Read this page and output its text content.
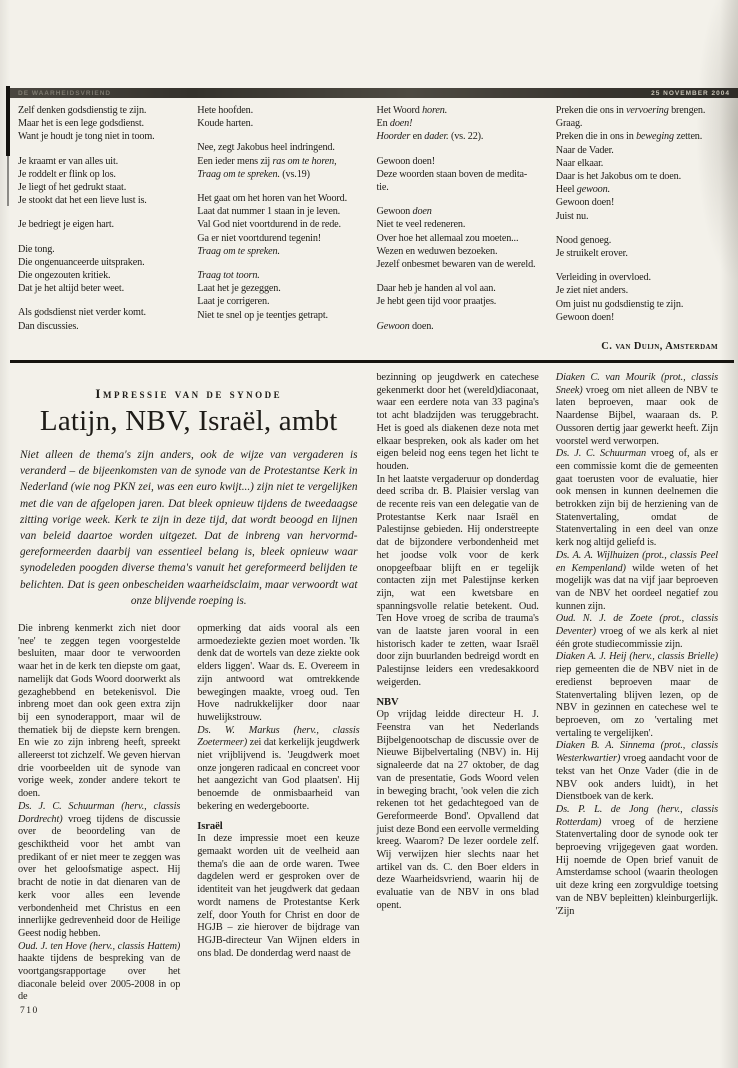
DE WAARHEIDSVRIEND	25 NOVEMBER 2004
Zelf denken godsdienstig te zijn.
Maar het is een lege godsdienst.
Want je houdt je tong niet in toom.
Je kraamt er van alles uit.
Je roddelt er flink op los.
Je liegt of het gedrukt staat.
Je stookt dat het een lieve lust is.
Je bedriegt je eigen hart.
Die tong.
Die ongenuanceerde uitspraken.
Die ongezouten kritiek.
Dat je het altijd beter weet.
Als godsdienst niet verder komt.
Dan discussies.
Hete hoofden.
Koude harten.
Nee, zegt Jakobus heel indringend.
Een ieder mens zij ras om te horen,
Traag om te spreken. (vs.19)
Het gaat om het horen van het Woord.
Laat dat nummer 1 staan in je leven.
Val God niet voortdurend in de rede.
Ga er niet voortdurend tegenin!
Traag om te spreken.
Traag tot toorn.
Laat het je gezeggen.
Laat je corrigeren.
Niet te snel op je teentjes getrapt.
Het Woord horen.
En doen!
Hoorder en dader. (vs. 22).
Gewoon doen!
Deze woorden staan boven de medita-
tie.
Gewoon doen
Niet te veel redeneren.
Over hoe het allemaal zou moeten...
Wezen en weduwen bezoeken.
Jezelf onbesmet bewaren van de wereld.
Daar heb je handen al vol aan.
Je hebt geen tijd voor praatjes.
Gewoon doen.
Preken die ons in vervoering brengen.
Graag.
Preken die in ons in beweging zetten.
Naar de Vader.
Naar elkaar.
Daar is het Jakobus om te doen.
Heel gewoon.
Gewoon doen!
Juist nu.
Nood genoeg.
Je struikelt erover.
Verleiding in overvloed.
Je ziet niet anders.
Om juist nu godsdienstig te zijn.
Gewoon doen!
C. van Duijn, Amsterdam
Impressie van de synode
Latijn, NBV, Israël, ambt

Niet alleen de thema's zijn anders, ook de wijze van vergaderen is veranderd – de bijeenkomsten van de synode van de Protestantse Kerk in Nederland (wie nog PKN zei, was een euro kwijt...) zijn niet te vergelijken met die van de afgelopen jaren. Dat bleek opnieuw tijdens de tweedaagse zitting vorige week. Kerk te zijn in deze tijd, dat wordt beoogd en lijnen van beleid daartoe worden uitgezet. Dat de inbreng van hervormd-gereformeerden daarbij van essentieel belang is, bleek opnieuw waar synodeleden poogden diverse thema's vanuit het gereformeerd belijden te belichten. Dat is geen onbescheiden waarheidsclaim, maar verwoordt wat onze blijvende roeping is.

Die inbreng kenmerkt zich niet door 'nee' te zeggen tegen voorgestelde besluiten, maar door te verwoorden waar het in de kerk ten diepste om gaat, namelijk dat Gods Woord doorwerkt als gezaghebbend en betekenisvol. Die inbreng moet dan ook geen extra zijn bij een synoderapport, maar wil de thematiek bij de diepste kern brengen. En wie zo zijn inbreng heeft, spreekt allereerst tot zichzelf. We geven hiervan drie voorbeelden uit de synode van vorige week, zonder andere tekort te doen.

Ds. J. C. Schuurman (herv., classis Dordrecht) vroeg tijdens de discussie over de beoordeling van de geschiktheid voor het ambt van predikant of er niet meer te zeggen was over het geloofsmatige aspect. Hij bracht de notie in dat dienaren van de kerk voor alles een levende verbondenheid met Christus en een innerlijke gedrevenheid door de Heilige Geest nodig hebben.

Oud. J. ten Hove (herv., classis Hattem) haakte tijdens de bespreking van de voortgangsrapportage over het diaconale beleid over 2005-2008 in op de

opmerking dat aids vooral als een armoedeziekte gezien moet worden. 'Ik denk dat de wortels van deze ziekte ook elders liggen'. Waar ds. E. Overeem in zijn antwoord wat omtrekkende bewegingen maakte, vroeg oud. Ten Hove nadrukkelijker door naar huwelijkstrouw.

Ds. W. Markus (herv., classis Zoetermeer) zei dat kerkelijk jeugdwerk niet vrijblijvend is. 'Jeugdwerk moet onze jongeren radicaal en concreet voor het aangezicht van God plaatsen'. Hij benoemde de onmisbaarheid van bekering en wedergeboorte.

Israël

In deze impressie moet een keuze gemaakt worden uit de veelheid aan thema's die aan de orde waren. Twee dagdelen werd er gesproken over de identiteit van het jeugdwerk dat gedaan wordt namens de Protestantse Kerk zelf, door Youth for Christ en door de HGJB – zie hierover de bijdrage van HGJB-directeur Van Wijnen elders in ons blad. De donderdag werd naast de

bezinning op jeugdwerk en catechese gekenmerkt door het (wereld)diaconaat, waar een eerdere nota van 33 pagina's tot acht bladzijden was teruggebracht. Het is goed als diakenen deze nota met elkaar bespreken, ook als kader om het eigen beleid nog eens tegen het licht te houden.

In het laatste vergaderuur op donderdag deed scriba dr. B. Plaisier verslag van de recente reis van een delegatie van de Protestantse Kerk naar Israël en Palestijnse gebieden. Hij onderstreepte dat de bijzondere verbondenheid met het joodse volk voor de kerk onopgeefbaar blijft en er tegelijk contacten zijn met Palestijnse kerken zijn, wat een kwetsbare en spanningsvolle relatie betekent. Oud. Ten Hove vroeg de scriba de trauma's van de laatste jaren vooral in een historisch kader te zetten, waar Israël door zijn buurlanden bedreigd wordt en Palestijnse leiders een vredesakkoord weigerden.

NBV

Op vrijdag leidde directeur H. J. Feenstra van het Nederlands Bijbelgenootschap de discussie over de Nieuwe Bijbelvertaling (NBV) in. Hij signaleerde dat na 27 oktober, de dag van de presentatie, Gods Woord velen in beweging bracht, 'ook velen die zich rekenen tot het gedachtegoed van de Gereformeerde Bond'. Opvallend dat juist deze Bond een eervolle vermelding kreeg. Waarom? De lezer oordele zelf. Wij verwijzen hier slechts naar het artikel van ds. C. den Boer elders in deze Waarheidsvriend, waarin hij de evaluatie van de NBV in ons blad opent.

Diaken C. van Mourik (prot., classis Sneek) vroeg om niet alleen de NBV te laten beproeven, maar ook de Naardense Bijbel, waaraan ds. P. Oussoren dertig jaar gewerkt heeft. Zijn voorstel werd verworpen.

Ds. J. C. Schuurman vroeg of, als er een commissie komt die de gemeenten gaat toerusten voor de evaluatie, hier ook mensen in kunnen deelnemen die betrokken zijn bij de herziening van de Statenvertaling, omdat de Statenvertaling in een deel van onze kerk nog altijd geliefd is.

Ds. A. A. Wijlhuizen (prot., classis Peel en Kempenland) wilde weten of het mogelijk was dat na vijf jaar beproeven van de NBV het oordeel negatief zou kunnen zijn.

Oud. N. J. de Zoete (prot., classis Deventer) vroeg of we als kerk al niet één grote studiecommissie zijn.

Diaken A. J. Heij (herv., classis Brielle) riep gemeenten die de NBV niet in de eredienst beproeven maar de Statenvertaling blijven lezen, op de NBV in gezinnen en catechese wel te beproeven, om zo 'vertaling met vertaling te vergelijken'.

Diaken B. A. Sinnema (prot., classis Westerkwartier) vroeg aandacht voor de tekst van het Onze Vader (die in de NBV ook anders luidt), in het Dienstboek van de kerk.

Ds. P. L. de Jong (herv., classis Rotterdam) vroeg of de herziene Statenvertaling door de synode ook ter beproeving vrijgegeven gaat worden. Hij noemde de Open brief vanuit de Amsterdamse school (waarin theologen uit deze kring een zorgvuldige toetsing van de NBV bepleitten) kleinburgerlijk. 'Zijn

710
